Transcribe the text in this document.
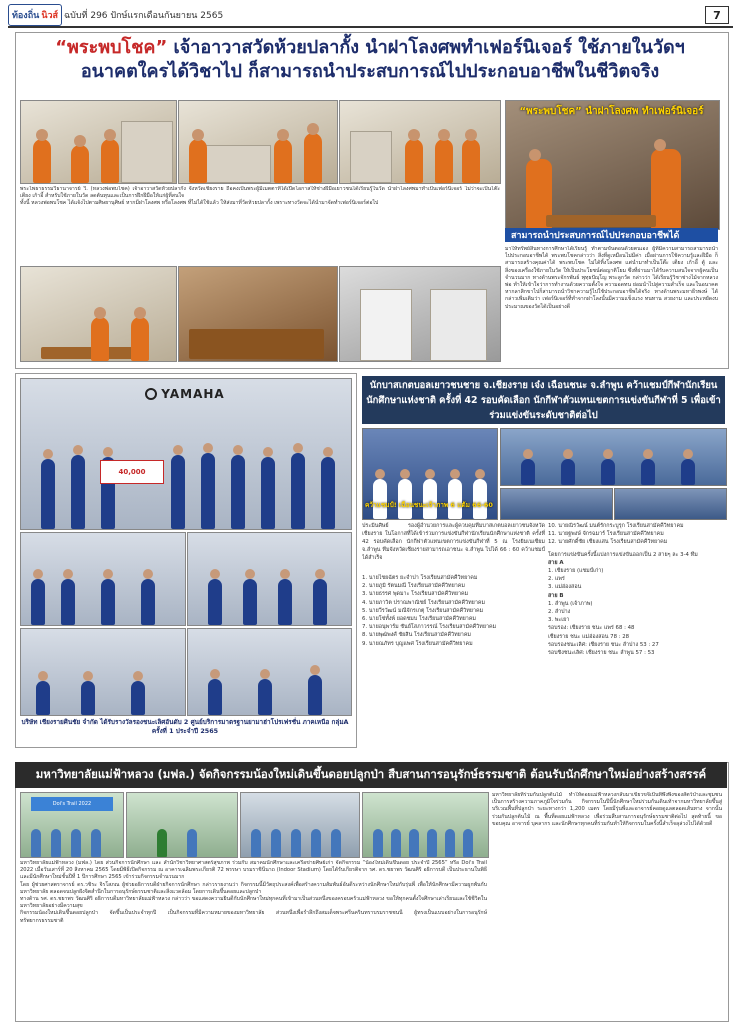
ท้องถิ่น นิวส์ ฉบับที่ 296 ปักษ์แรกเดือนกันยายน 2565	7
“พระพบโชค” เจ้าอาวาสวัดห้วยปลากั้ง นำฝาโลงศพทำเฟอร์นิเจอร์ ใช้ภายในวัดฯ
อนาคตใครได้วิชาไป ก็สามารถนำประสบการณ์ไปประกอบอาชีพในชีวิตจริง
“พระพบโชค” นำฝาโลงศพ ทำเฟอร์นิเจอร์
สามารถนำประสบการณ์ไปประกอบอาชีพได้
พระโพธาธรรมวิธานาจารย์ วิ. (หลวงพ่อพบโชค) เจ้าอาวาสวัดห้วยปลากั้ง จังหวัดเชียงราย ถือคงเป็นพระผู้มีเมตตาที่ได้เปิดโอกาสให้ช่างฝีมือเยาวชนได้เรียนรู้ในวัด นำฝาโลงศพมาทำเป็นเฟอร์นิเจอร์ ไม่ว่าจะเป็นโต๊ะ เตียง เก้าอี้ สำหรับใช้ภายในวัด ลดต้นทุนและเป็นการฝึกฝีมือให้แก่ผู้ที่สนใจ
ทั้งนี้ หลวงพ่อพบโชค ได้แจ้งไปตามศิษยานุศิษย์ หากมีฝาโลงศพ หรือโลงศพ ที่ไม่ได้ใช้แล้ว ให้ส่งมาที่วัดห้วยปลากั้ง เพราะทางวัดจะได้นำมาจัดทำเฟอร์นิเจอร์ต่อไป
มาให้ทรัพย์สินทางการศึกษาได้เรียนรู้ ทำตามขั้นตอนด้วยตนเอง ผู้ที่มีความสามารถสามารถนำไปประกอบอาชีพได้ พระพบโชคกล่าวว่า สิ่งที่ดูเหมือนไม่มีค่า เมื่อผ่านการใช้ความรู้และฝีมือ ก็สามารถสร้างคุณค่าได้ พระพบโชค ไม่ได้ทิ้งโลงศพ แต่นำมาทำเป็นโต๊ะ เตียง เก้าอี้ ตู้ และสิ่งของเครื่องใช้ภายในวัด ให้เป็นประโยชน์ต่อญาติโยม ซึ่งที่ผ่านมาได้รับความสนใจจากผู้คนเป็นจำนวนมาก ทางด้านพระจักรพันธ์ พุทฺธปัญฺโญ พระลูกวัด กล่าวว่า ได้เรียนรู้วิชาช่างไม้จากหลวงพ่อ ทำให้เข้าใจว่าการทำงานด้วยความตั้งใจ ความอดทน ย่อมนำไปสู่ความสำเร็จ และในอนาคตหากลาสิกขาไปก็สามารถนำวิชาความรู้ไปใช้ประกอบอาชีพได้จริง ทางด้านพระมหาธีรพงษ์ ได้กล่าวเพิ่มเติมว่า เฟอร์นิเจอร์ที่ทำจากฝาโลงนั้นมีความแข็งแรง ทนทาน สวยงาม และประหยัดงบประมาณของวัดได้เป็นอย่างดี
YAMAHA
40,000
บริษัท เชียงรายศินชัย จำกัด ได้รับรางวัลรองชนะเลิศอันดับ 2 ศูนย์บริการมาตรฐานยามาฮ่าโปรเฟรชั่น ภาคเหนือ กลุ่มA ครั้งที่ 1 ประจำปี 2565
นักบาสเกตบอลเยาวชนชาย จ.เชียงราย เจ๋ง เฉือนชนะ จ.ลำพูน คว้าแชมป์กีฬานักเรียนนักศึกษาแห่งชาติ ครั้งที่ 42 รอบคัดเลือก นักกีฬาตัวแทนเขตการแข่งขันกีฬาที่ 5 เพื่อเข้าร่วมแข่งขันระดับชาติต่อไป
คว้าแชมป์! เฉือนชนะเจ้าภาพ 6 แต้ม 66-60
ประมิ่นศิษย์ รองผู้อำนวยการและผู้ควบคุมทีมบาสเกตบอลเยาวชนจังหวัดเชียงราย ในโอกาสที่ได้เข้าร่วมการแข่งขันกีฬานักเรียนนักศึกษาแห่งชาติ ครั้งที่ 42 รอบคัดเลือก นักกีฬาตัวแทนเขตการแข่งขันกีฬาที่ 5 ณ โรงยิมเนเซียม จ.ลำพูน ทีมจังหวัดเชียงรายสามารถเอาชนะ จ.ลำพูน ไปได้ 66 : 60 คว้าแชมป์ได้สำเร็จ
1. นายไชยฉัตร ยะจำปา โรงเรียนสามัคคีวิทยาคม
2. นายภูมิ รัตนมณี โรงเรียนสามัคคีวิทยาคม
3. นายธรรศ พุดมาะ โรงเรียนสามัคคีวิทยาคม
4. นายภาวิต ปราณพาณิชย์ โรงเรียนสามัคคีวิทยาคม
5. นายวีรวัฒน์ มณีจักรเกตุ โรงเรียนสามัคคีวิทยาคม
6. นายโซ่ทั้งพ์ ยอดชมบ โรงเรียนสามัคคีวิทยาคม
7. นายอนุพาร์ม ชันย์โสภาวรรณ์ โรงเรียนสามัคคีวิทยาคม
8. นายพุฒิพงศ์ ชัยสิน โรงเรียนสามัคคีวิทยาคม
9. นายณภัทร บุญแพศ โรงเรียนสามัคคีวิทยาคม
10. นายณิรวัฒน์ มนต์รักกระบูรุก โรงเรียนสามัคคีวิทยาคม
11. นายฐพงษ์ จักรฉมาร์ โรงเรียนสามัคคีวิทยาคม
12. นายศักดิ์ชัย เชียงแสน โรงเรียนสามัคคีวิทยาคม
โดยการแข่งขันครั้งนี้แบ่งการแข่งขันออกเป็น 2 สายๆ ละ 3-4 ทีม
สาย A
1. เชียงราย (แชมป์เก่า)
2. แพร่
3. แม่ฮ่องสอน
สาย B
1. ลำพูน (เจ้าภาพ)
2. ลำปาง
3. พะเยา
รอบรอง: เชียงราย ชนะ แพร่ 68 : 48
เชียงราย ชนะ แม่ฮ่องสอน 78 : 28
รอบรองชนะเลิศ: เชียงราย ชนะ ลำปาง 53 : 27
รอบชิงชนะเลิศ: เชียงราย ชนะ ลำพูน 57 : 53
มหาวิทยาลัยแม่ฟ้าหลวง (มฟล.) จัดกิจกรรมน้องใหม่เดินขึ้นดอยปลูกป่า สืบสานการอนุรักษ์ธรรมชาติ ต้อนรับนักศึกษาใหม่อย่างสร้างสรรค์
Doi's Trail 2022
มหาวิทยาลัยแม่ฟ้าหลวง (มฟล.) โดย ส่วนกิจการนักศึกษา และ สำนักวิชาวิทยาศาสตร์สุขภาพ ร่วมกับ สมาคมนักศึกษาและเครือข่ายศิษย์เก่า จัดกิจกรรม “น้องใหม่เดินขึ้นดอย ประจำปี 2565” หรือ Doi's Trail 2022 เมื่อวันเสาร์ที่ 20 สิงหาคม 2565 โดยมีพิธีเปิดกิจกรรม ณ อาคารเฉลิมพระเกียรติ 72 พรรษา บรมราชินีนาถ (Indoor Stadium) โดยได้รับเกียรติจาก รศ. ดร.ชยาพร วัฒนศิริ อธิการบดี เป็นประธานในพิธี และมีนักศึกษาใหม่ชั้นปีที่ 1 ปีการศึกษา 2565 เข้าร่วมกิจกรรมจำนวนมาก
โดย ผู้ช่วยศาสตราจารย์ ดร.วชิระ จิรโสภณ ผู้ช่วยอธิการบดีฝ่ายกิจการนักศึกษา กล่าวรายงานว่า กิจกรรมนี้มีวัตถุประสงค์เพื่อสร้างความสัมพันธ์อันดีระหว่างนักศึกษาใหม่กับรุ่นพี่ เพื่อให้นักศึกษามีความผูกพันกับมหาวิทยาลัย ตลอดจนปลูกฝังจิตสำนึกในการอนุรักษ์ธรรมชาติและสิ่งแวดล้อม โดยการเดินขึ้นดอยและปลูกป่า
ทางด้าน รศ. ดร.ชยาพร วัฒนศิริ อธิการบดีมหาวิทยาลัยแม่ฟ้าหลวง กล่าวว่า ขอแสดงความยินดีกับนักศึกษาใหม่ทุกคนที่เข้ามาเป็นส่วนหนึ่งของครอบครัวแม่ฟ้าหลวง ขอให้ทุกคนตั้งใจศึกษาเล่าเรียนและใช้ชีวิตในมหาวิทยาลัยอย่างมีความสุข
กิจกรรมน้องใหม่เดินขึ้นดอยปลูกป่า จัดขึ้นเป็นประจำทุกปี เป็นกิจกรรมที่มีความหมายของมหาวิทยาลัย ส่วนหนึ่งเพื่อรำลึกถึงสมเด็จพระศรีนครินทราบรมราชชนนี ผู้ทรงเป็นแบบอย่างในการอนุรักษ์ทรัพยากรธรรมชาติ
มหาวิทยาลัยที่ร่วมกันปลูกต้นไม้ ทำให้ดอยแม่ฟ้าหลวงกลับมาเขียวขจีเป็นที่พึ่งพิงของสัตว์ป่าและชุมชน เป็นการสร้างความภาคภูมิใจร่วมกัน กิจกรรมในปีนี้นักศึกษาใหม่ร่วมกันเดินเท้าจากมหาวิทยาลัยขึ้นสู่บริเวณพื้นที่ปลูกป่า ระยะทางกว่า 1,200 เมตร โดยมีรุ่นพี่และอาจารย์คอยดูแลตลอดเส้นทาง จากนั้นร่วมกันปลูกต้นไม้ ณ พื้นที่ดอยแม่ฟ้าหลวง เพื่อร่วมสืบสานการอนุรักษ์ธรรมชาติต่อไป สุดท้ายนี้ ขอขอบคุณ อาจารย์ บุคลากร และนักศึกษาทุกคนที่ร่วมกันทำให้กิจกรรมในครั้งนี้สำเร็จลุล่วงไปได้ด้วยดี
